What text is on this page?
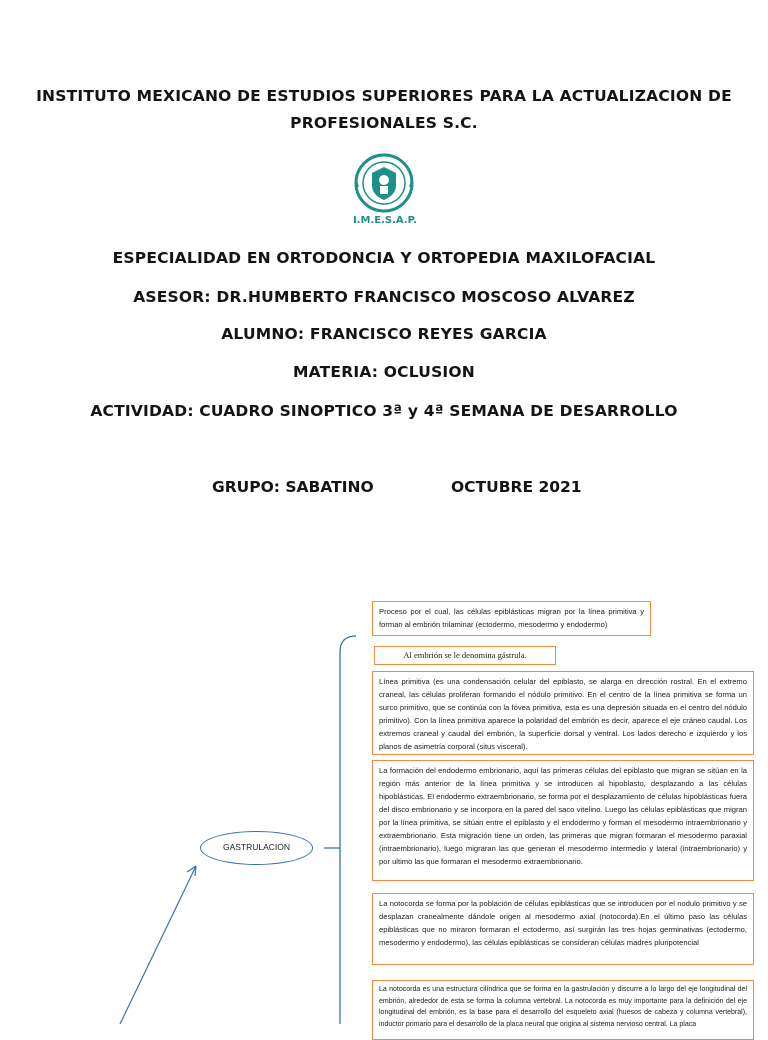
INSTITUTO MEXICANO DE ESTUDIOS SUPERIORES PARA LA ACTUALIZACION DE
PROFESIONALES S.C.
I.M.E.S.A.P.
ESPECIALIDAD EN ORTODONCIA Y ORTOPEDIA MAXILOFACIAL
ASESOR: DR.HUMBERTO FRANCISCO MOSCOSO ALVAREZ
ALUMNO: FRANCISCO REYES GARCIA
MATERIA: OCLUSION
ACTIVIDAD: CUADRO SINOPTICO 3ª y 4ª SEMANA DE DESARROLLO
GRUPO: SABATINO	OCTUBRE 2021
GASTRULACION
Proceso por el cual, las células epiblásticas migran por la línea primitiva y forman al embrión trilaminar (ectodermo, mesodermo y endodermo)
Al embrión se le denomina gástrula.
Línea primitiva (es una condensación celular del epiblasto, se alarga en dirección rostral. En el extremo craneal, las células proliferan formando el nódulo primitivo. En el centro de la línea primitiva se forma un surco primitivo, que se continúa con la fóvea primitiva, esta es una depresión situada en el centro del nódulo primitivo). Con la línea primitiva aparece la polaridad del embrión es decir, aparece el eje cráneo caudal. Los extremos craneal y caudal del embrión, la superficie dorsal y ventral. Los lados derecho e izquierdo y los planos de asimetría corporal (situs visceral).
La formación del endodermo embrionario, aquí las primeras células del epiblasto que migran se sitúan en la región más anterior de la línea primitiva y se introducen al hipoblasto, desplazando a las células hipoblásticas. El endodermo extraembrionario, se forma por el desplazamiento de células hipoblásticas fuera del disco embrionario y se incorpora en la pared del saco vitelino. Luego las células epiblásticas que migran por la línea primitiva, se sitúan entre el epiblasto y el endodermo y forman el mesodermo intraembrionario y extraembrionario. Esta migración tiene un orden, las primeras que migran formaran el mesodermo paraxial (intraembrionario), luego migraran las que generan el mesodermo intermedio y lateral (intraembrionario) y por ultimo las que formaran el mesodermo extraembrionario.
La notocorda se forma por la población de células epiblásticas que se introducen por el nodulo primitivo y se desplazan cranealmente dándole origen al mesodermo axial (notocorda).En el último paso las células epiblásticas que no miraron formaran el ectodermo, así surgirán las tres hojas germinativas (ectodermo, mesodermo y endodermo), las células epiblásticas se consideran células madres pluripotencial
La notocorda es una estructura cilíndrica que se forma en la gastrulación y discurre a lo largo del eje longitudinal del embrión, alrededor de esta se forma la columna vertebral. La notocorda es muy importante para la definición del eje longitudinal del embrión, es la base para el desarrollo del esqueleto axial (huesos de cabeza y columna vertebral), inductor primario para el desarrollo de la placa neural que origina al sistema nervioso central. La placa
